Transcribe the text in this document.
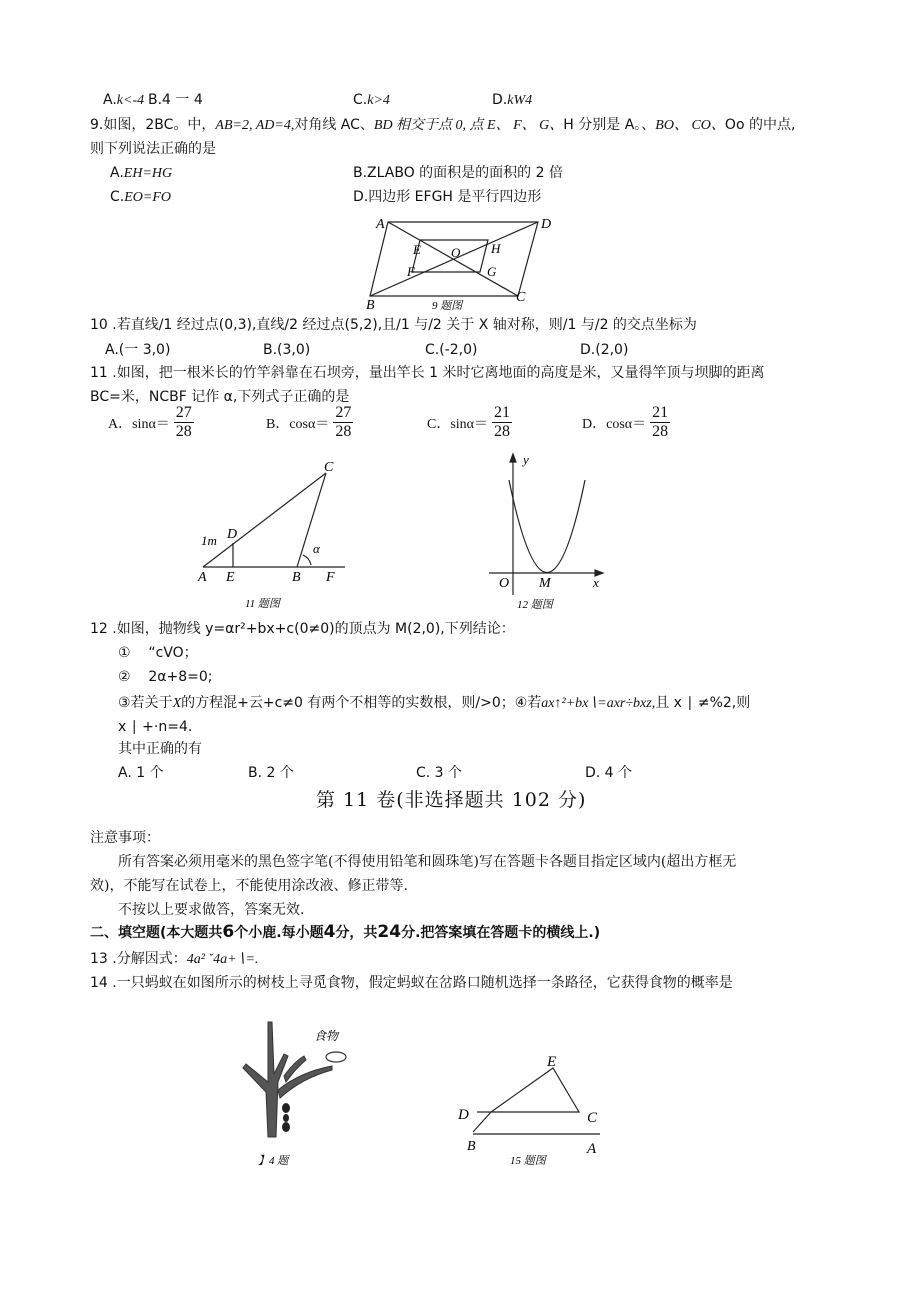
A.k<-4 B.4 一 4	C.k>4	D.kW4
9.如图，2BC。中，AB=2, AD=4,对角线 AC、BD 相交于点 0, 点 E、 F、 G、H 分别是 A。、BO、 CO、Oo 的中点,
则下列说法正确的是
A.EH=HG	B.ZLABO 的面积是的面积的 2 倍
C.EO=FO	D.四边形 EFGH 是平行四边形
A	D
E O H
F	G
B
C
9 题图
10 .若直线/1 经过点(0,3),直线/2 经过点(5,2),且/1 与/2 关于 X 轴对称，则/1 与/2 的交点坐标为
A.(一 3,0)	B.(3,0)	C.(-2,0)	D.(2,0)
11 .如图，把一根米长的竹竿斜靠在石坝旁，量出竿长 1 米时它离地面的高度是米，又量得竿顶与坝脚的距离
BC=米，NCBF 记作 α,下列式子正确的是
A．$\sin\alpha= \frac{27}{28}$	B．$\cos\alpha= \frac{27}{28}$	C．$\sin\alpha= \frac{21}{28}$	D．$\cos\alpha= \frac{21}{28}$
C
D
1m
α
A E	B F
11 题图
y
O M	x
12 题图
12 .如图，抛物线 y=αr²+bx+c(0≠0)的顶点为 M(2,0),下列结论：
① “cVO；
② 2α+8=0;
③若关于X的方程混+云+c≠0 有两个不相等的实数根，则/>0；④若ax↑²+bx∖=axr÷bxz,且 x ∣ ≠%2,则
x ∣ +·n=4.
其中正确的有
A. 1 个	B. 2 个	C. 3 个	D. 4 个
第 11 卷(非选择题共 102 分)
注意事项：
所有答案必须用毫米的黑色签字笔(不得使用铅笔和圆珠笔)写在答题卡各题目指定区域内(超出方框无
效)，不能写在试卷上，不能使用涂改液、修正带等.
不按以上要求做答，答案无效.
二、填空题(本大题共6个小鹿.每小题4分，共24分.把答案填在答题卡的横线上.)
13 .分解因式：4a² ˇ4a+∖=.
14 .一只蚂蚁在如图所示的树枝上寻觅食物，假定蚂蚁在岔路口随机选择一条路径，它获得食物的概率是
食物
】4 题
E
D	C
B	A
15 题图
